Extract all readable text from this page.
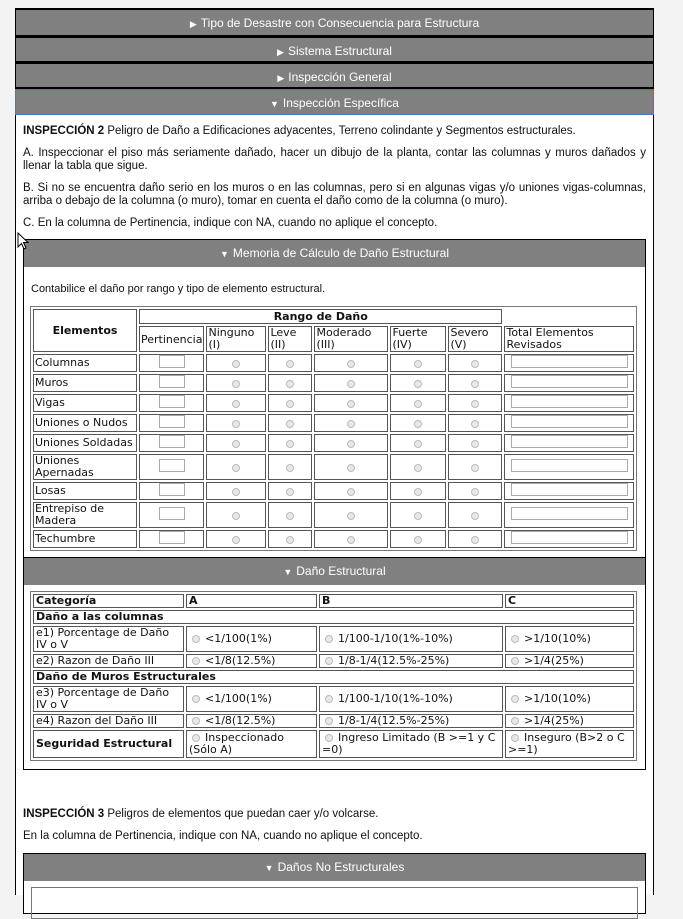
▶ Tipo de Desastre con Consecuencia para Estructura
▶ Sistema Estructural
▶ Inspección General
▼ Inspección Específica

INSPECCIÓN 2 Peligro de Daño a Edificaciones adyacentes, Terreno colindante y Segmentos estructurales.

A. Inspeccionar el piso más seriamente dañado, hacer un dibujo de la planta, contar las columnas y muros dañados y llenar la tabla que sigue.

B. Si no se encuentra daño serio en los muros o en las columnas, pero si en algunas vigas y/o uniones vigas-columnas, arriba o debajo de la columna (o muro), tomar en cuenta el daño como de la columna (o muro).

C. En la columna de Pertinencia, indique con NA, cuando no aplique el concepto.

▼ Memoria de Cálculo de Daño Estructural

Contabilice el daño por rango y tipo de elemento estructural.

Elementos	Rango de Daño						
	Pertinencia	Ninguno (I)	Leve (II)	Moderado (III)	Fuerte (IV)	Severo (V)	Total Elementos Revisados
Columnas							
Muros							
Vigas							
Uniones o Nudos							
Uniones Soldadas							
Uniones Apernadas							
Losas							
Entrepiso de Madera							
Techumbre							
▼ Daño Estructural
Categoría	A	B	C
Daño a las columnas			
e1) Porcentage de Daño IV o V	<1/100(1%)	1/100-1/10(1%-10%)	>1/10(10%)
e2) Razon de Daño III	<1/8(12.5%)	1/8-1/4(12.5%-25%)	>1/4(25%)
Daño de Muros Estructurales			
e3) Porcentage de Daño IV o V	<1/100(1%)	1/100-1/10(1%-10%)	>1/10(10%)
e4) Razon del Daño III	<1/8(12.5%)	1/8-1/4(12.5%-25%)	>1/4(25%)
Seguridad Estructural	Inspeccionado (Sólo A)	Ingreso Limitado (B >=1 y C =0)	Inseguro (B>2 o C >=1)

INSPECCIÓN 3 Peligros de elementos que puedan caer y/o volcarse.

En la columna de Pertinencia, indique con NA, cuando no aplique el concepto.

▼ Daños No Estructurales
